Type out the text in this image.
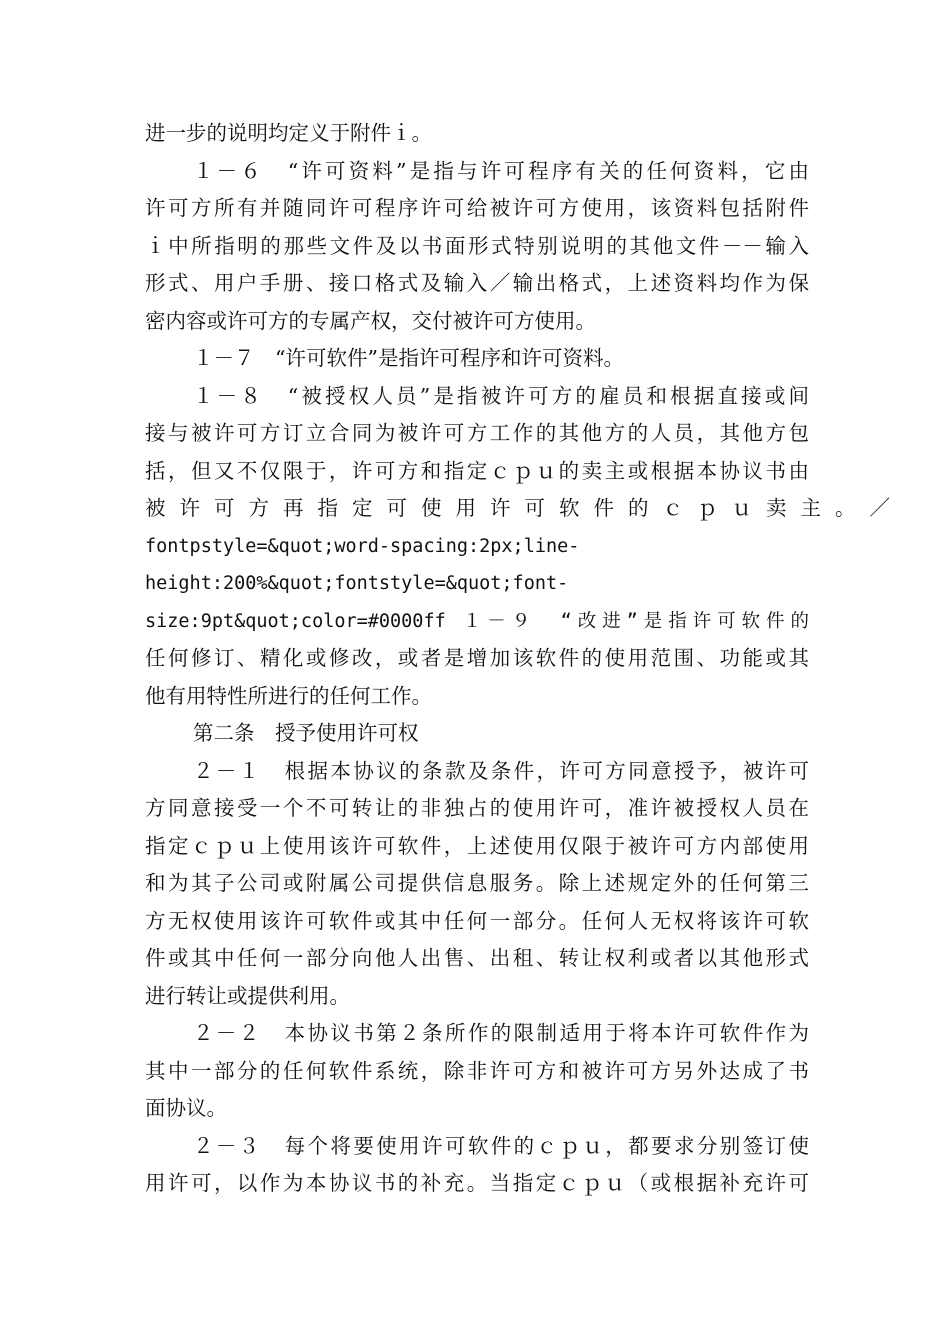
进一步的说明均定义于附件ｉ。
１－６　“许可资料”是指与许可程序有关的任何资料，它由
许可方所有并随同许可程序许可给被许可方使用，该资料包括附件
ｉ中所指明的那些文件及以书面形式特别说明的其他文件－－输入
形式、用户手册、接口格式及输入／输出格式，上述资料均作为保
密内容或许可方的专属产权，交付被许可方使用。
１－７　“许可软件”是指许可程序和许可资料。
１－８　“被授权人员”是指被许可方的雇员和根据直接或间
接与被许可方订立合同为被许可方工作的其他方的人员，其他方包
括，但又不仅限于，许可方和指定ｃｐｕ的卖主或根据本协议书由
被许可方再指定可使用许可软件的ｃｐｕ卖主。／
fontpstyle=&quot;word-spacing:2px;line-
height:200%&quot;fontstyle=&quot;font-
size:9pt&quot;color=#0000ff １－９　“改进”是指许可软件的
任何修订、精化或修改，或者是增加该软件的使用范围、功能或其
他有用特性所进行的任何工作。
第二条　授予使用许可权
２－１　根据本协议的条款及条件，许可方同意授予，被许可
方同意接受一个不可转让的非独占的使用许可，准许被授权人员在
指定ｃｐｕ上使用该许可软件，上述使用仅限于被许可方内部使用
和为其子公司或附属公司提供信息服务。除上述规定外的任何第三
方无权使用该许可软件或其中任何一部分。任何人无权将该许可软
件或其中任何一部分向他人出售、出租、转让权利或者以其他形式
进行转让或提供利用。
２－２　本协议书第２条所作的限制适用于将本许可软件作为
其中一部分的任何软件系统，除非许可方和被许可方另外达成了书
面协议。
２－３　每个将要使用许可软件的ｃｐｕ，都要求分别签订使
用许可，以作为本协议书的补充。当指定ｃｐｕ（或根据补充许可
